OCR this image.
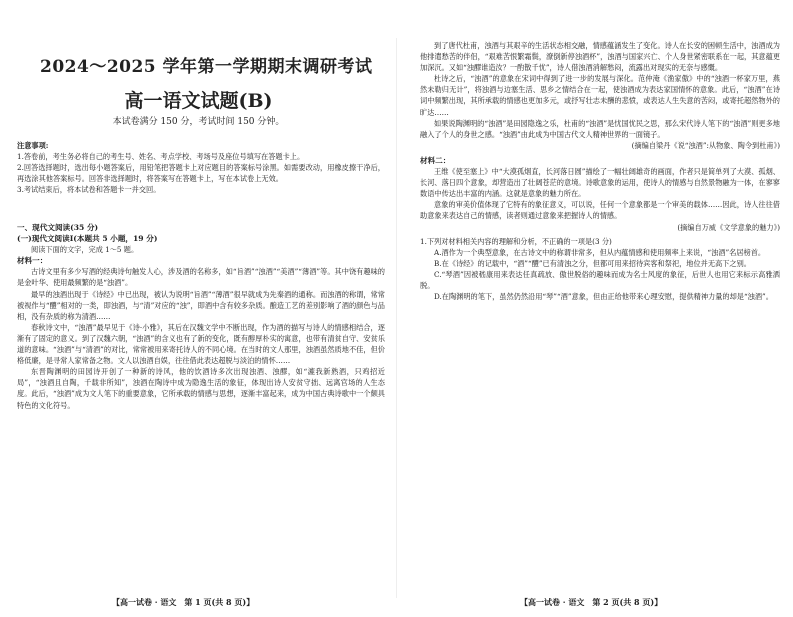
2024～2025 学年第一学期期末调研考试
高一语文试题(B)
本试卷满分 150 分，考试时间 150 分钟。
注意事项:
1.答卷前，考生务必将自己的考生号、姓名、考点学校、考场号及座位号填写在答题卡上。
2.回答选择题时，选出每小题答案后，用铅笔把答题卡上对应题目的答案标号涂黑。如需要改动，用橡皮擦干净后，再选涂其他答案标号。回答非选择题时，将答案写在答题卡上，写在本试卷上无效。
3.考试结束后，将本试卷和答题卡一并交回。
一、现代文阅读(35 分)
(一)现代文阅读Ⅰ(本题共 5 小题，19 分)
阅读下面的文字，完成 1～5 题。
材料一：
古诗文里有多少写酒的经典诗句触发人心，涉及酒的名称多，如“旨酒”“浊酒”“美酒”“薄酒”等。其中饶有趣味的是金叶华、使用最频繁的是“浊酒”。
最早的浊酒出现于《诗经》中已出现，被认为说明“旨酒”“薄酒”很早就成为先秦酒的通称。而浊酒的称谓，常常被视作与“醴”相对的一类，即浊酒，与“清”对应的“浊”，即酒中含有较多杂质。酿造工艺的差别影响了酒的颜色与品相，没有杂质的称为清酒……
春秋诗文中，“浊酒”最早见于《诗·小雅》，其后在汉魏文学中不断出现，作为酒的描写与诗人的情感相结合，逐渐有了固定的意义。到了汉魏六朝，“浊酒”的含义也有了新的变化，既有醇厚朴实的寓意，也带有清贫自守、安贫乐道的意味。“浊酒”与“清酒”的对比，常常被用来寄托诗人的不同心境。在当时的文人那里，浊酒虽然质地不佳，但价格低廉，是寻常人家常备之物。文人以浊酒自娱，往往借此表达超脱与淡泊的情怀……
东晋陶渊明的田园诗开创了一种新的诗风，他的饮酒诗多次出现浊酒、浊醪，如“漉我新熟酒，只鸡招近局”，“浊酒且自陶，千载非所知”，浊酒在陶诗中成为隐逸生活的象征，体现出诗人安贫守拙、远离官场的人生态度。此后，“浊酒”成为文人笔下的重要意象，它所承载的情感与思想，逐渐丰富起来，成为中国古典诗歌中一个颇具特色的文化符号。
【高一试卷 · 语文　第 1 页(共 8 页)】
到了唐代杜甫，浊酒与其艰辛的生活状态相交融，情感蕴涵发生了变化。诗人在长安的困顿生活中，浊酒成为他排遣愁苦的伴侣，“艰难苦恨繁霜鬓，潦倒新停浊酒杯”，浊酒与国家兴亡、个人身世紧密联系在一起，其意蕴更加深沉。又如“浊醪谁造汝？一酌散千忧”，诗人借浊酒消解愁闷，流露出对现实的无奈与感慨。
杜诗之后，“浊酒”的意象在宋词中得到了进一步的发展与深化。范仲淹《渔家傲》中的“浊酒一杯家万里，燕然未勒归无计”，将浊酒与边塞生活、思乡之情结合在一起，使浊酒成为表达家国情怀的意象。此后，“浊酒”在诗词中频繁出现，其所承载的情感也更加多元，或抒写壮志未酬的悲愤，或表达人生失意的苦闷，或寄托超然物外的旷达……
如果说陶渊明的“浊酒”是田园隐逸之乐，杜甫的“浊酒”是忧国忧民之思，那么宋代诗人笔下的“浊酒”则更多地融入了个人的身世之感。“浊酒”由此成为中国古代文人精神世界的一面镜子。
(摘编自梁丹《说“浊酒”:从物象、陶令到杜甫》)
材料二：
王维《使至塞上》中“大漠孤烟直，长河落日圆”描绘了一幅壮阔雄奇的画面，作者只是简单列了大漠、孤烟、长河、落日四个意象，却营造出了壮阔苍茫的意境。诗歌意象的运用，使诗人的情感与自然景物融为一体，在寥寥数语中传达出丰富的内涵。这就是意象的魅力所在。
意象的审美价值体现了它特有的象征意义，可以说，任何一个意象都是一个审美的载体……因此，诗人往往借助意象来表达自己的情感，读者则通过意象来把握诗人的情感。
(摘编自万威《文学意象的魅力》)
1.下列对材料相关内容的理解和分析，不正确的一项是(3 分)
A.酒作为一个典型意象，在古诗文中的称谓非常多，但从内蕴情感和使用频率上来说，“浊酒”名居榜首。
B.在《诗经》的记载中，“酒”“醴”已有清浊之分，但都可用来招待宾客和祭祀，地位并无高下之别。
C.“琴酒”因被嵇康用来表达任真疏放、傲世脱俗的趣味而成为名士风度的象征，后世人也用它来标示高雅洒脱。
D.在陶渊明的笔下，虽然仍然沿用“琴”“酒”意象，但由正给他带来心理安慰，提供精神力量的却是“浊酒”。
【高一试卷 · 语文　第 2 页(共 8 页)】
